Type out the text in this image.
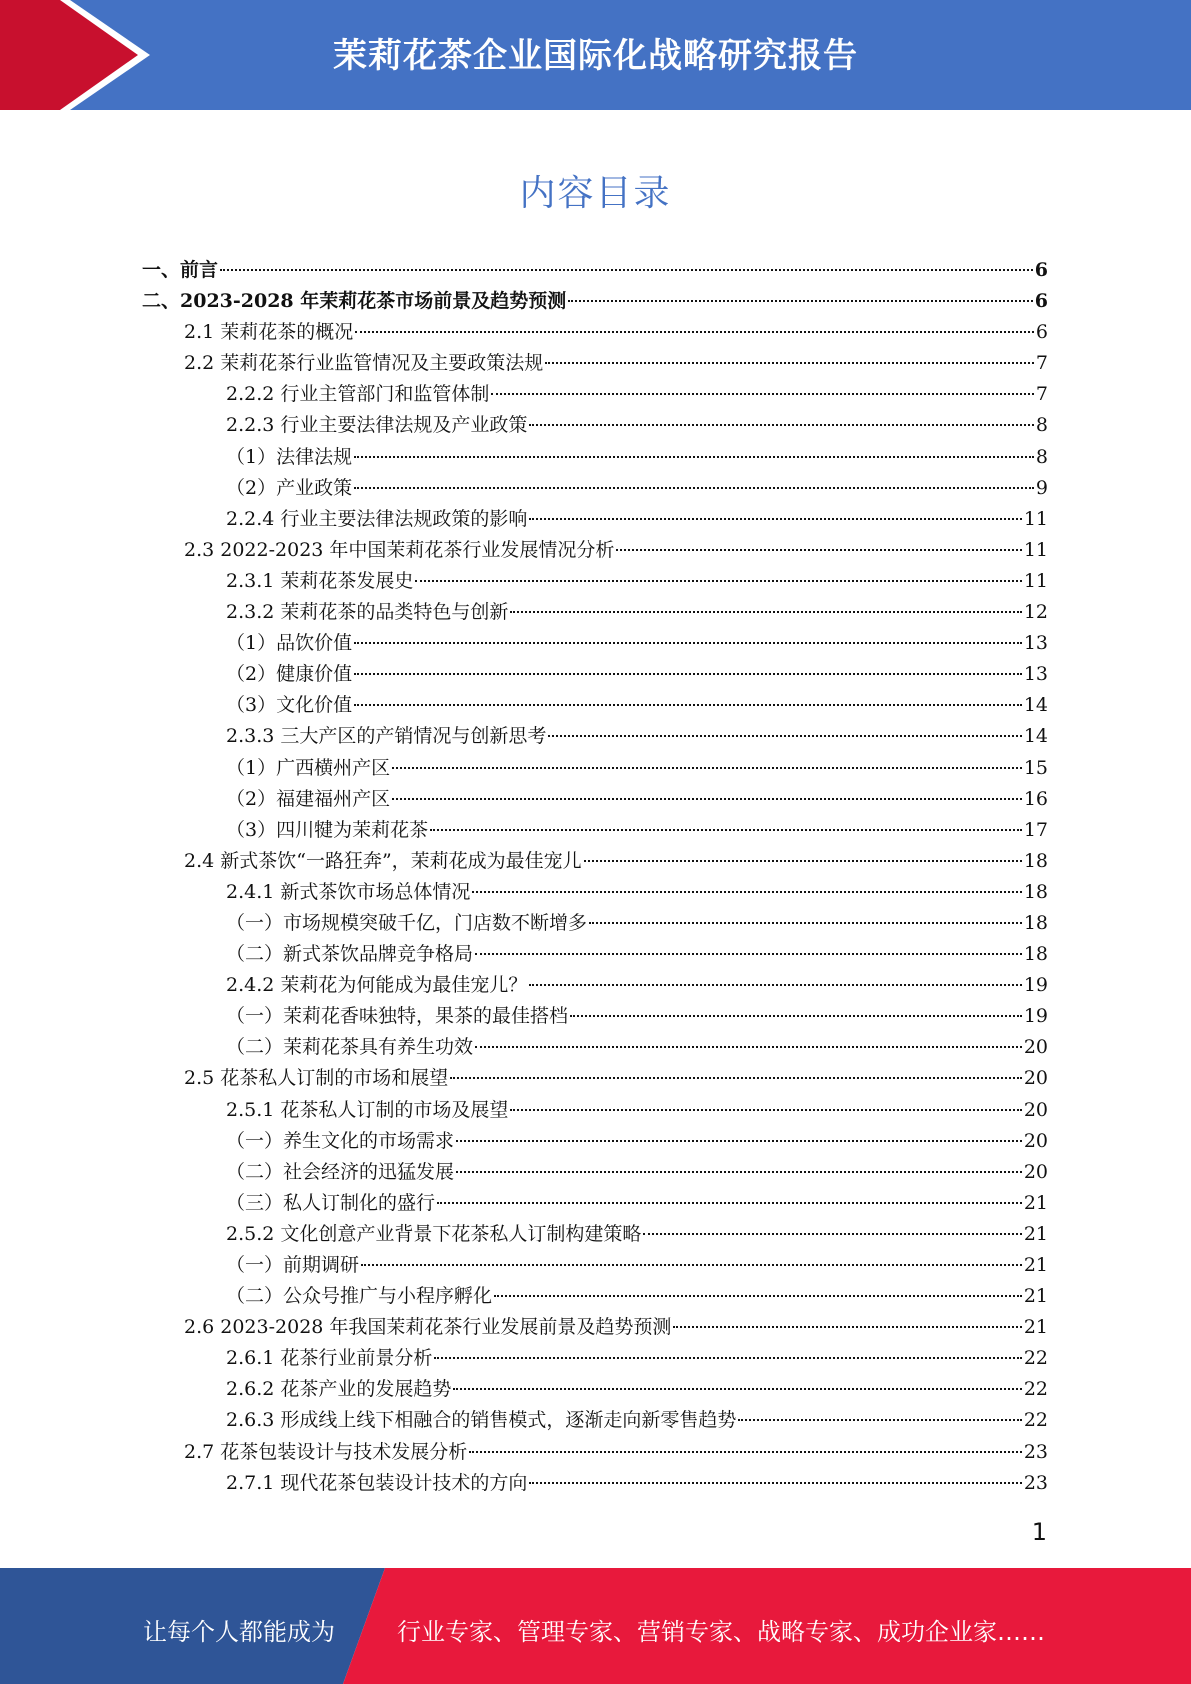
茉莉花茶企业国际化战略研究报告
内容目录
一、前言	6
二、2023-2028 年茉莉花茶市场前景及趋势预测	6
2.1 茉莉花茶的概况	6
2.2 茉莉花茶行业监管情况及主要政策法规	7
2.2.2 行业主管部门和监管体制	7
2.2.3 行业主要法律法规及产业政策	8
（1）法律法规	8
（2）产业政策	9
2.2.4 行业主要法律法规政策的影响	11
2.3 2022-2023 年中国茉莉花茶行业发展情况分析	11
2.3.1 茉莉花茶发展史	11
2.3.2 茉莉花茶的品类特色与创新	12
（1）品饮价值	13
（2）健康价值	13
（3）文化价值	14
2.3.3 三大产区的产销情况与创新思考	14
（1）广西横州产区	15
（2）福建福州产区	16
（3）四川犍为茉莉花茶	17
2.4 新式茶饮“一路狂奔”，茉莉花成为最佳宠儿	18
2.4.1 新式茶饮市场总体情况	18
（一）市场规模突破千亿，门店数不断增多	18
（二）新式茶饮品牌竞争格局	18
2.4.2 茉莉花为何能成为最佳宠儿？	19
（一）茉莉花香味独特，果茶的最佳搭档	19
（二）茉莉花茶具有养生功效	20
2.5 花茶私人订制的市场和展望	20
2.5.1 花茶私人订制的市场及展望	20
（一）养生文化的市场需求	20
（二）社会经济的迅猛发展	20
（三）私人订制化的盛行	21
2.5.2 文化创意产业背景下花茶私人订制构建策略	21
（一）前期调研	21
（二）公众号推广与小程序孵化	21
2.6 2023-2028 年我国茉莉花茶行业发展前景及趋势预测	21
2.6.1 花茶行业前景分析	22
2.6.2 花茶产业的发展趋势	22
2.6.3 形成线上线下相融合的销售模式，逐渐走向新零售趋势	22
2.7 花茶包装设计与技术发展分析	23
2.7.1 现代花茶包装设计技术的方向	23
1
让每个人都能成为	行业专家、管理专家、营销专家、战略专家、成功企业家……
